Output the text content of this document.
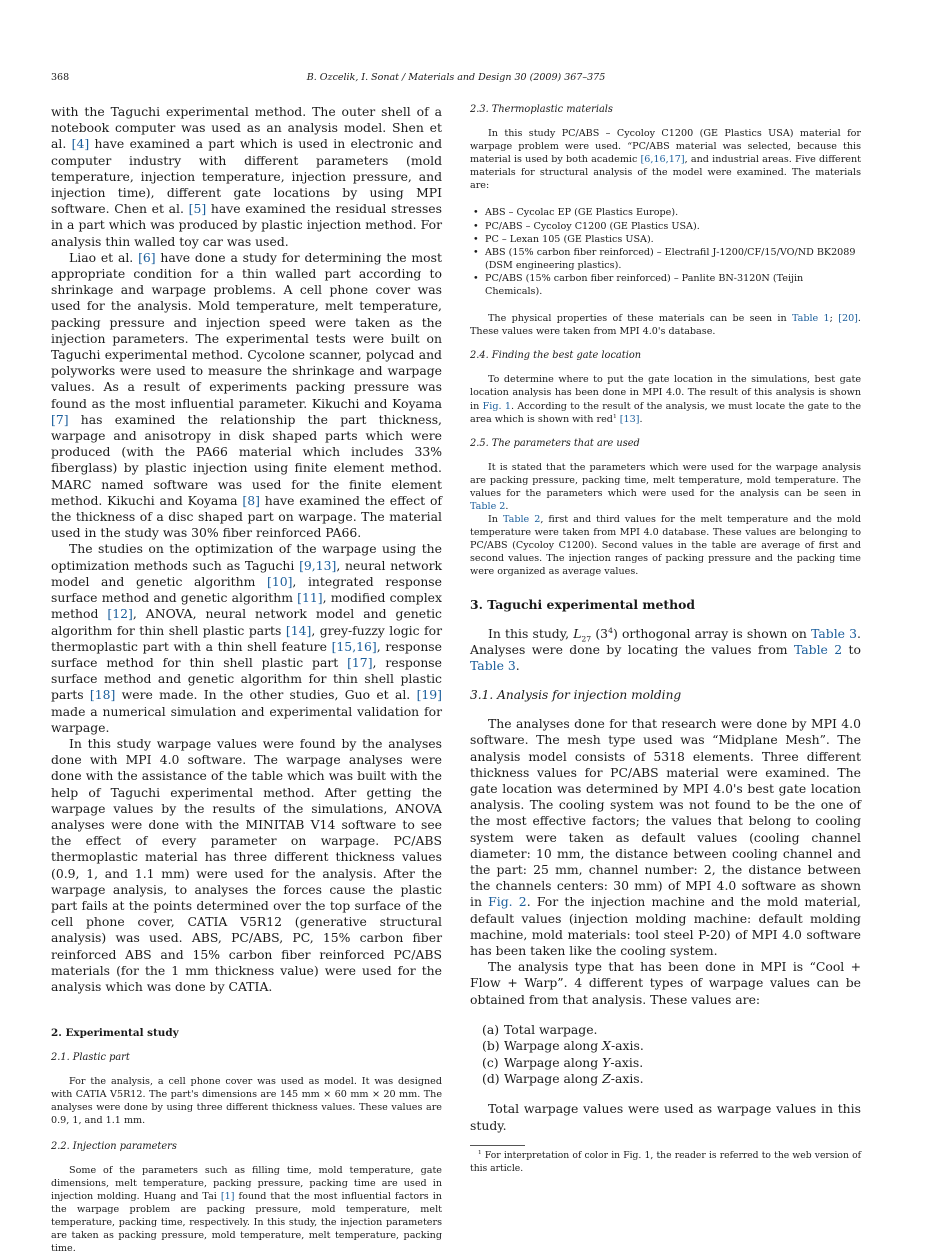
368	B. Ozcelik, I. Sonat / Materials and Design 30 (2009) 367–375

with the Taguchi experimental method. The outer shell of a notebook computer was used as an analysis model. Shen et al. [4] have examined a part which is used in electronic and computer industry with different parameters (mold temperature, injection temperature, injection pressure, and injection time), different gate locations by using MPI software. Chen et al. [5] have examined the residual stresses in a part which was produced by plastic injection method. For analysis thin walled toy car was used.

Liao et al. [6] have done a study for determining the most appropriate condition for a thin walled part according to shrinkage and warpage problems. A cell phone cover was used for the analysis. Mold temperature, melt temperature, packing pressure and injection speed were taken as the injection parameters. The experimental tests were built on Taguchi experimental method. Cycolone scanner, polycad and polyworks were used to measure the shrinkage and warpage values. As a result of experiments packing pressure was found as the most influential parameter. Kikuchi and Koyama [7] has examined the relationship the part thickness, warpage and anisotropy in disk shaped parts which were produced (with the PA66 material which includes 33% fiberglass) by plastic injection using finite element method. MARC named software was used for the finite element method. Kikuchi and Koyama [8] have examined the effect of the thickness of a disc shaped part on warpage. The material used in the study was 30% fiber reinforced PA66.

The studies on the optimization of the warpage using the optimization methods such as Taguchi [9,13], neural network model and genetic algorithm [10], integrated response surface method and genetic algorithm [11], modified complex method [12], ANOVA, neural network model and genetic algorithm for thin shell plastic parts [14], grey-fuzzy logic for thermoplastic part with a thin shell feature [15,16], response surface method for thin shell plastic part [17], response surface method and genetic algorithm for thin shell plastic parts [18] were made. In the other studies, Guo et al. [19] made a numerical simulation and experimental validation for warpage.

In this study warpage values were found by the analyses done with MPI 4.0 software. The warpage analyses were done with the assistance of the table which was built with the help of Taguchi experimental method. After getting the warpage values by the results of the simulations, ANOVA analyses were done with the MINITAB V14 software to see the effect of every parameter on warpage. PC/ABS thermoplastic material has three different thickness values (0.9, 1, and 1.1 mm) were used for the analysis. After the warpage analysis, to analyses the forces cause the plastic part fails at the points determined over the top surface of the cell phone cover, CATIA V5R12 (generative structural analysis) was used. ABS, PC/ABS, PC, 15% carbon fiber reinforced ABS and 15% carbon fiber reinforced PC/ABS materials (for the 1 mm thickness value) were used for the analysis which was done by CATIA.

2. Experimental study

2.1. Plastic part

For the analysis, a cell phone cover was used as model. It was designed with CATIA V5R12. The part's dimensions are 145 mm × 60 mm × 20 mm. The analyses were done by using three different thickness values. These values are 0.9, 1, and 1.1 mm.

2.2. Injection parameters

Some of the parameters such as filling time, mold temperature, gate dimensions, melt temperature, packing pressure, packing time are used in injection molding. Huang and Tai [1] found that the most influential factors in the warpage problem are packing pressure, mold temperature, melt temperature, packing time, respectively. In this study, the injection parameters are taken as packing pressure, mold temperature, melt temperature, packing time.

2.3. Thermoplastic materials

In this study PC/ABS – Cycoloy C1200 (GE Plastics USA) material for warpage problem were used. “PC/ABS material was selected, because this material is used by both academic [6,16,17], and industrial areas. Five different materials for structural analysis of the model were examined. The materials are:

• ABS – Cycolac EP (GE Plastics Europe).
• PC/ABS – Cycoloy C1200 (GE Plastics USA).
• PC – Lexan 105 (GE Plastics USA).
• ABS (15% carbon fiber reinforced) – Electrafil J-1200/CF/15/VO/ND BK2089 (DSM engineering plastics).
• PC/ABS (15% carbon fiber reinforced) – Panlite BN-3120N (Teijin Chemicals).

The physical properties of these materials can be seen in Table 1; [20]. These values were taken from MPI 4.0's database.

2.4. Finding the best gate location

To determine where to put the gate location in the simulations, best gate location analysis has been done in MPI 4.0. The result of this analysis is shown in Fig. 1. According to the result of the analysis, we must locate the gate to the area which is shown with red$^1$ [13].

2.5. The parameters that are used

It is stated that the parameters which were used for the warpage analysis are packing pressure, packing time, melt temperature, mold temperature. The values for the parameters which were used for the analysis can be seen in Table 2.

In Table 2, first and third values for the melt temperature and the mold temperature were taken from MPI 4.0 database. These values are belonging to PC/ABS (Cycoloy C1200). Second values in the table are average of first and second values. The injection ranges of packing pressure and the packing time were organized as average values.

3. Taguchi experimental method

In this study, $L_{27}$ $(3^4)$ orthogonal array is shown on Table 3. Analyses were done by locating the values from Table 2 to Table 3.

3.1. Analysis for injection molding

The analyses done for that research were done by MPI 4.0 software. The mesh type used was “Midplane Mesh”. The analysis model consists of 5318 elements. Three different thickness values for PC/ABS material were examined. The gate location was determined by MPI 4.0's best gate location analysis. The cooling system was not found to be the one of the most effective factors; the values that belong to cooling system were taken as default values (cooling channel diameter: 10 mm, the distance between cooling channel and the part: 25 mm, channel number: 2, the distance between the channels centers: 30 mm) of MPI 4.0 software as shown in Fig. 2. For the injection machine and the mold material, default values (injection molding machine: default molding machine, mold materials: tool steel P-20) of MPI 4.0 software has been taken like the cooling system.

The analysis type that has been done in MPI is “Cool + Flow + Warp”. 4 different types of warpage values can be obtained from that analysis. These values are:

(a) Total warpage.
(b) Warpage along X-axis.
(c) Warpage along Y-axis.
(d) Warpage along Z-axis.

Total warpage values were used as warpage values in this study.

$^1$ For interpretation of color in Fig. 1, the reader is referred to the web version of this article.
